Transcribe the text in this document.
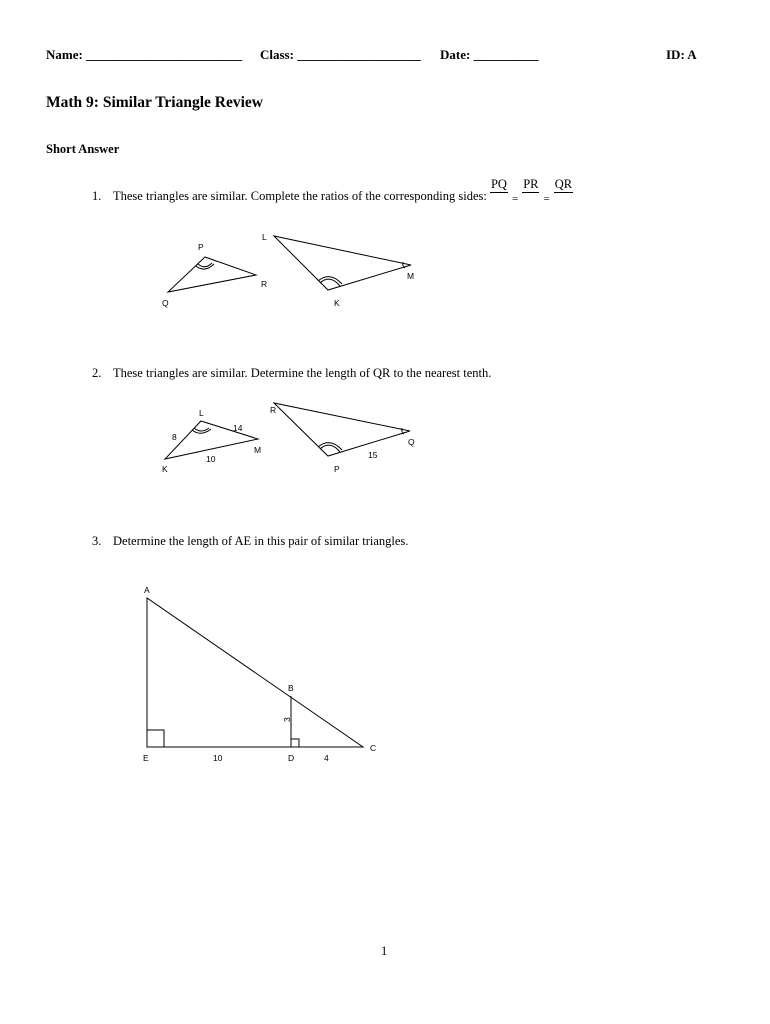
Name: ________________________ Class: ___________________ Date: __________	ID: A
Math 9: Similar Triangle Review
Short Answer
1. These triangles are similar. Complete the ratios of the corresponding sides:
PQ
=
PR
=
QR
P
Q
R
L
M
K
2. These triangles are similar. Determine the length of QR to the nearest tenth.
L
K
M
8
14
10
R
Q
P
15
3. Determine the length of AE in this pair of similar triangles.
A
B
C
D
E	10	4
3
1
